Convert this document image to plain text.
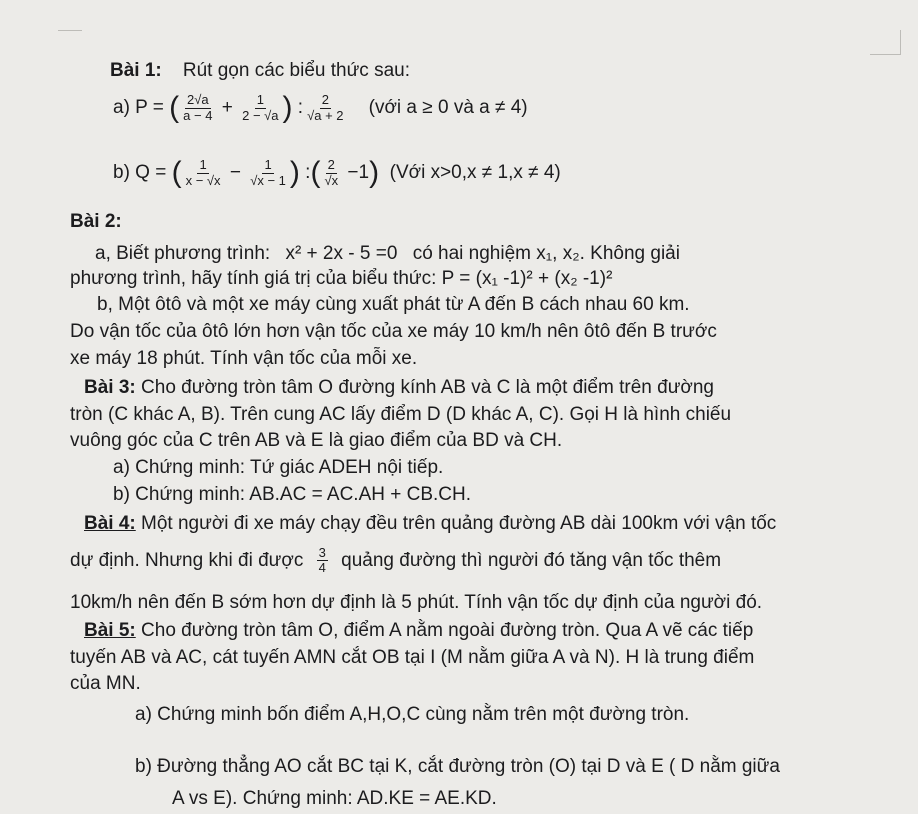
Bài 1: Rút gọn các biểu thức sau:
a) P = ( $\frac{2√a}{a - 4} + \frac{1}{2 - √a}$ ) : $\frac{2}{√a + 2}$ (với a ≥ 0 và a ≠ 4)
b) Q = ( $\frac{1}{x - √x} - \frac{1}{√x - 1}$ ) :( $\frac{2}{√x} -1$) (Với x>0,x ≠ 1,x ≠ 4)
Bài 2:
a, Biết phương trình: x² + 2x - 5 =0 có hai nghiệm x₁, x₂. Không giải
phương trình, hãy tính giá trị của biểu thức: P = (x₁ -1)² + (x₂ -1)²
b, Một ôtô và một xe máy cùng xuất phát từ A đến B cách nhau 60 km.
Do vận tốc của ôtô lớn hơn vận tốc của xe máy 10 km/h nên ôtô đến B trước
xe máy 18 phút. Tính vận tốc của mỗi xe.
Bài 3: Cho đường tròn tâm O đường kính AB và C là một điểm trên đường
tròn (C khác A, B). Trên cung AC lấy điểm D (D khác A, C). Gọi H là hình chiếu
vuông góc của C trên AB và E là giao điểm của BD và CH.
a) Chứng minh: Tứ giác ADEH nội tiếp.
b) Chứng minh: AB.AC = AC.AH + CB.CH.
Bài 4: Một người đi xe máy chạy đều trên quảng đường AB dài 100km với vận tốc
dự định. Nhưng khi đi được $\frac{3}{4}$ quảng đường thì người đó tăng vận tốc thêm
10km/h nên đến B sớm hơn dự định là 5 phút. Tính vận tốc dự định của người đó.
Bài 5: Cho đường tròn tâm O, điểm A nằm ngoài đường tròn. Qua A vẽ các tiếp
tuyến AB và AC, cát tuyến AMN cắt OB tại I (M nằm giữa A và N). H là trung điểm
của MN.
a) Chứng minh bốn điểm A,H,O,C cùng nằm trên một đường tròn.
b) Đường thẳng AO cắt BC tại K, cắt đường tròn (O) tại D và E ( D nằm giữa
A vs E). Chứng minh: AD.KE = AE.KD.
